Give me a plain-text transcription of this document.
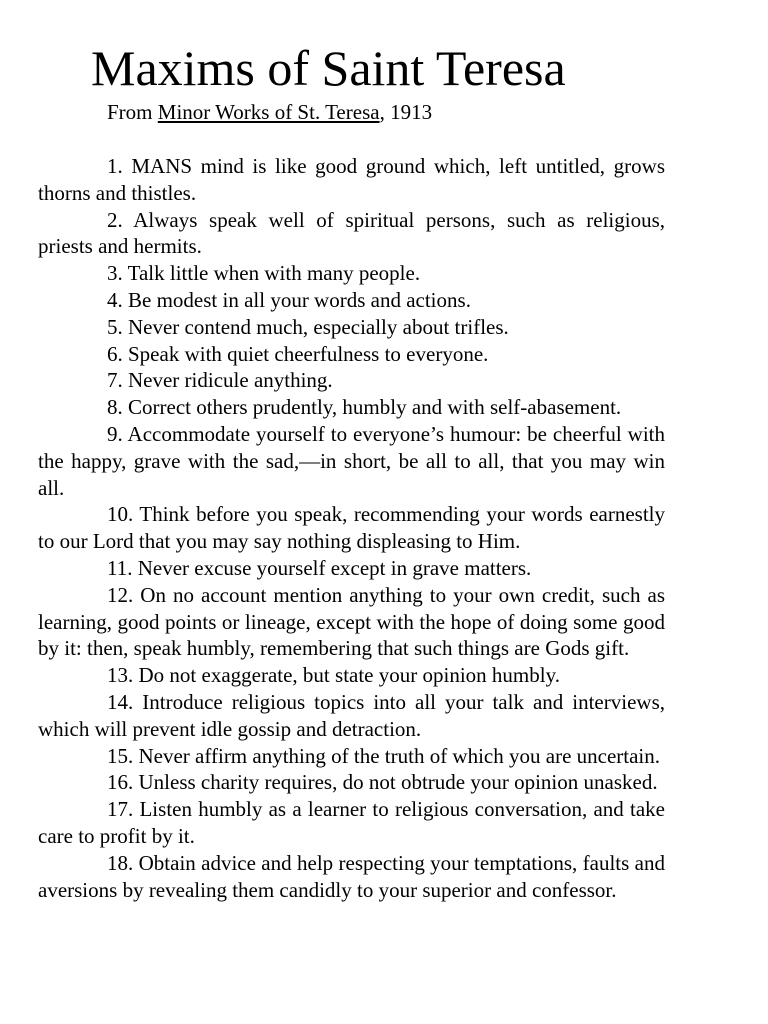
Maxims of Saint Teresa
From Minor Works of St. Teresa, 1913
1. MANS mind is like good ground which, left untitled, grows thorns and thistles.
2. Always speak well of spiritual persons, such as religious, priests and hermits.
3. Talk little when with many people.
4. Be modest in all your words and actions.
5. Never contend much, especially about trifles.
6. Speak with quiet cheerfulness to everyone.
7. Never ridicule anything.
8. Correct others prudently, humbly and with self-abasement.
9. Accommodate yourself to everyone’s humour: be cheerful with the happy, grave with the sad,—in short, be all to all, that you may win all.
10. Think before you speak, recommending your words earnestly to our Lord that you may say nothing displeasing to Him.
11. Never excuse yourself except in grave matters.
12. On no account mention anything to your own credit, such as learning, good points or lineage, except with the hope of doing some good by it: then, speak humbly, remembering that such things are Gods gift.
13. Do not exaggerate, but state your opinion humbly.
14. Introduce religious topics into all your talk and interviews, which will prevent idle gossip and detraction.
15. Never affirm anything of the truth of which you are uncertain.
16. Unless charity requires, do not obtrude your opinion unasked.
17. Listen humbly as a learner to religious conversation, and take care to profit by it.
18. Obtain advice and help respecting your temptations, faults and aversions by revealing them candidly to your superior and confessor.
